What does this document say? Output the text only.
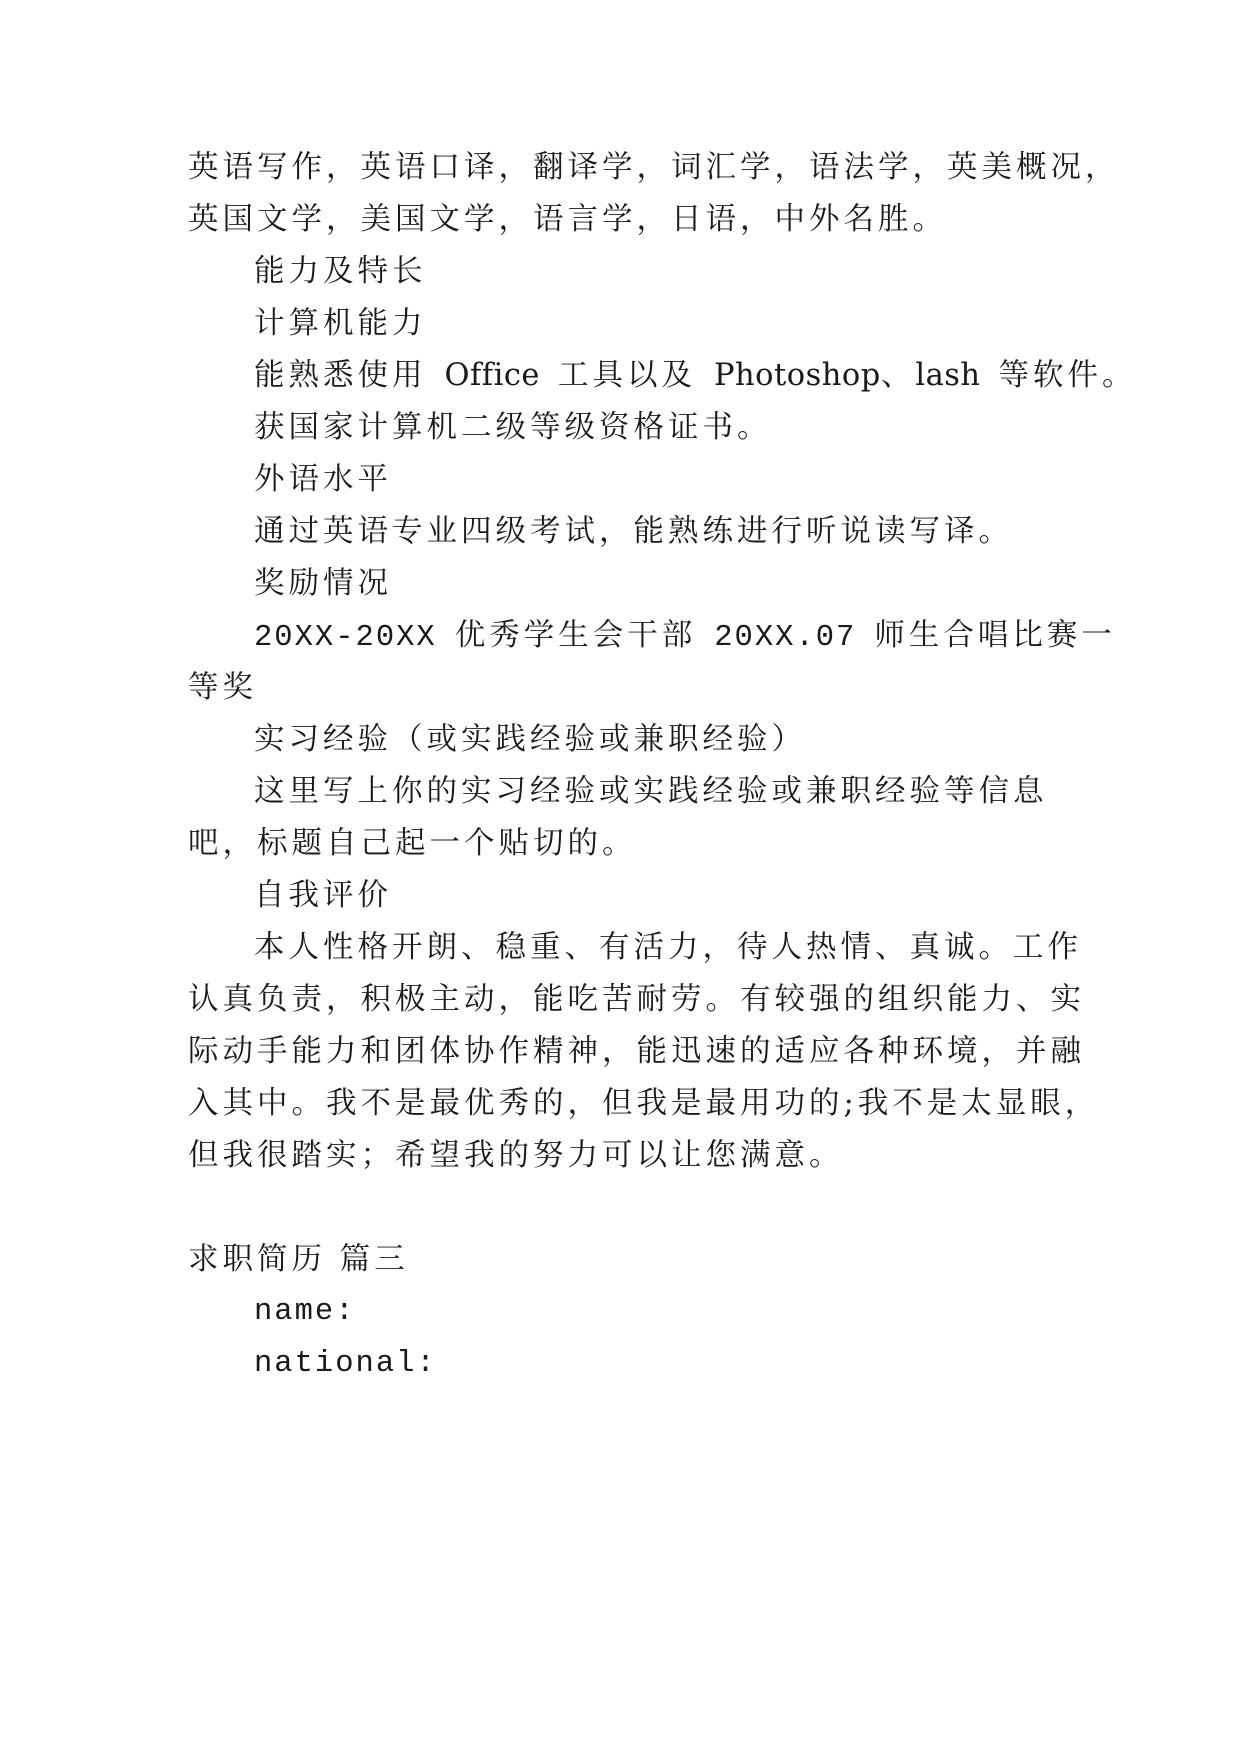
英语写作，英语口译，翻译学，词汇学，语法学，英美概况，
英国文学，美国文学，语言学，日语，中外名胜。
能力及特长
计算机能力
能熟悉使用 Office 工具以及 Photoshop、lash 等软件。
获国家计算机二级等级资格证书。
外语水平
通过英语专业四级考试，能熟练进行听说读写译。
奖励情况
20XX-20XX 优秀学生会干部 20XX.07 师生合唱比赛一
等奖
实习经验（或实践经验或兼职经验）
这里写上你的实习经验或实践经验或兼职经验等信息
吧，标题自己起一个贴切的。
自我评价
本人性格开朗、稳重、有活力，待人热情、真诚。工作
认真负责，积极主动，能吃苦耐劳。有较强的组织能力、实
际动手能力和团体协作精神，能迅速的适应各种环境，并融
入其中。我不是最优秀的，但我是最用功的;我不是太显眼，
但我很踏实；希望我的努力可以让您满意。
求职简历 篇三
name:
national:
